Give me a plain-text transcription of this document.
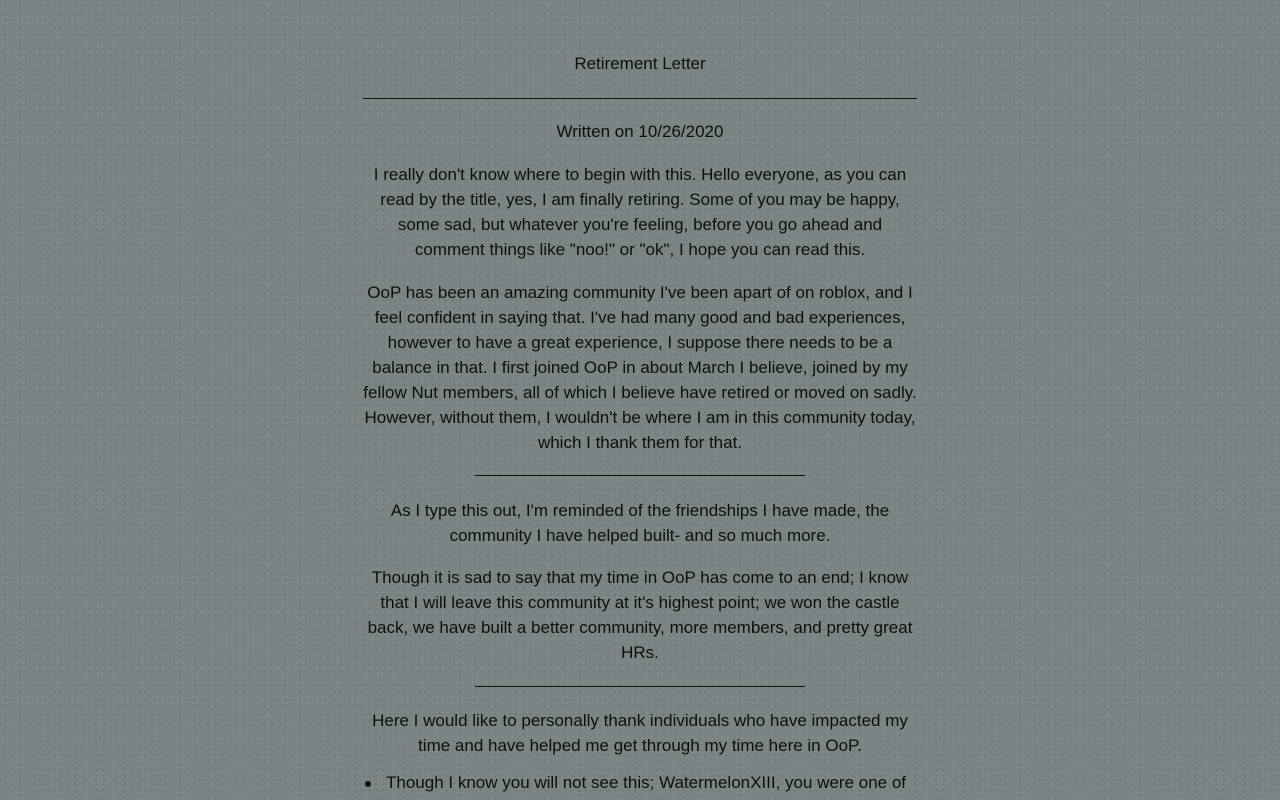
Retirement Letter

Written on 10/26/2020

I really don't know where to begin with this. Hello everyone, as you can read by the title, yes, I am finally retiring. Some of you may be happy, some sad, but whatever you're feeling, before you go ahead and comment things like "noo!" or "ok", I hope you can read this.

OoP has been an amazing community I've been apart of on roblox, and I feel confident in saying that. I've had many good and bad experiences, however to have a great experience, I suppose there needs to be a balance in that. I first joined OoP in about March I believe, joined by my fellow Nut members, all of which I believe have retired or moved on sadly. However, without them, I wouldn't be where I am in this community today, which I thank them for that.

As I type this out, I'm reminded of the friendships I have made, the community I have helped built- and so much more.

Though it is sad to say that my time in OoP has come to an end; I know that I will leave this community at it's highest point; we won the castle back, we have built a better community, more members, and pretty great HRs.

Here I would like to personally thank individuals who have impacted my time and have helped me get through my time here in OoP.

Though I know you will not see this; WatermelonXIII, you were one of
